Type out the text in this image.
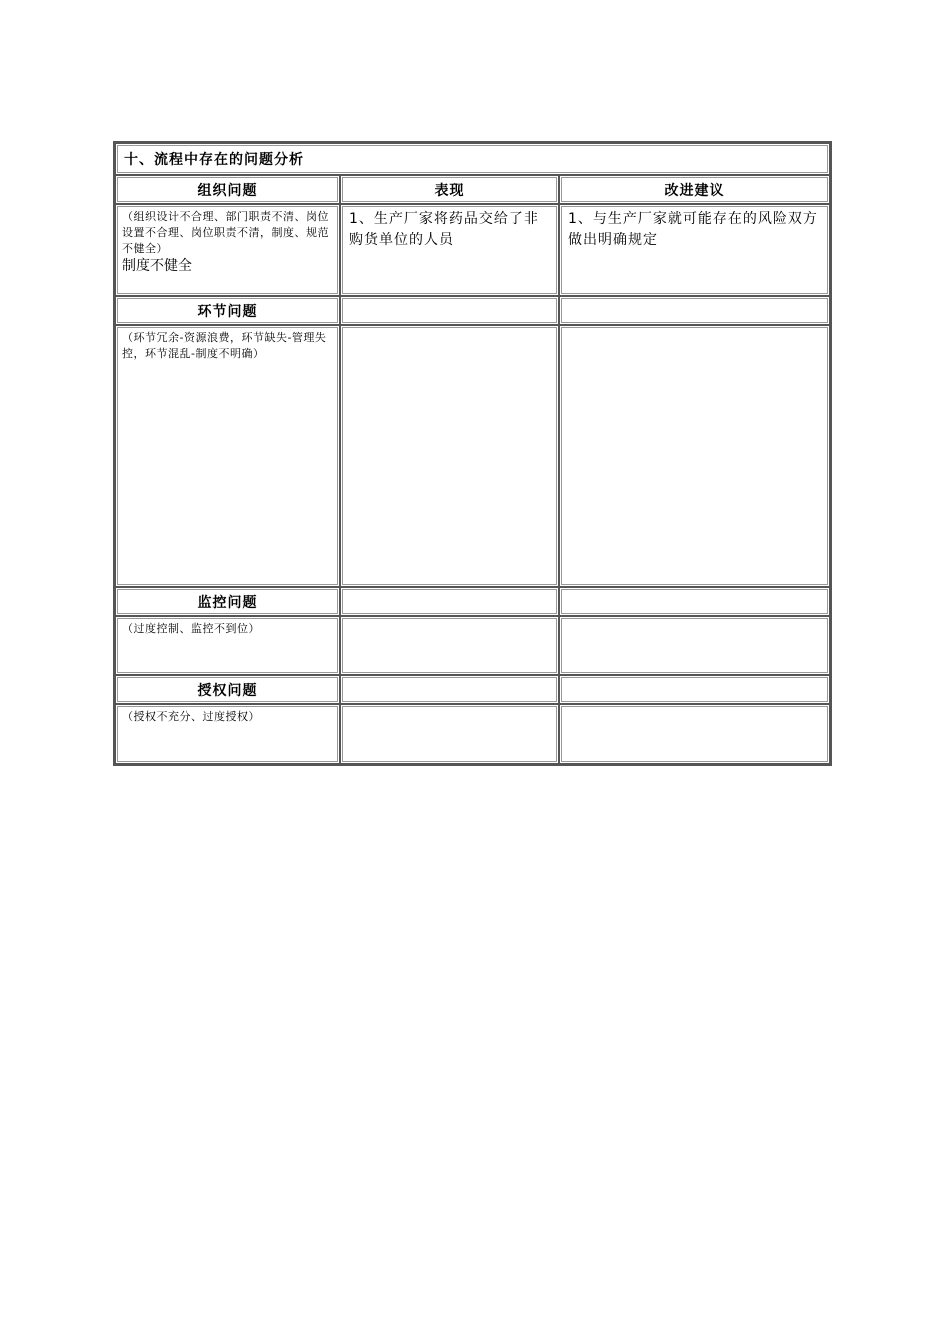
十、流程中存在的问题分析		
组织问题	表现	改进建议

（组织设计不合理、部门职责不清、岗位设置不合理、岗位职责不清，制度、规范不健全）
制度不健全	1、生产厂家将药品交给了非购货单位的人员	1、与生产厂家就可能存在的风险双方做出明确规定

环节问题		

（环节冗余-资源浪费，环节缺失-管理失控，环节混乱-制度不明确）		

监控问题		

（过度控制、监控不到位）		

授权问题		

（授权不充分、过度授权）		
